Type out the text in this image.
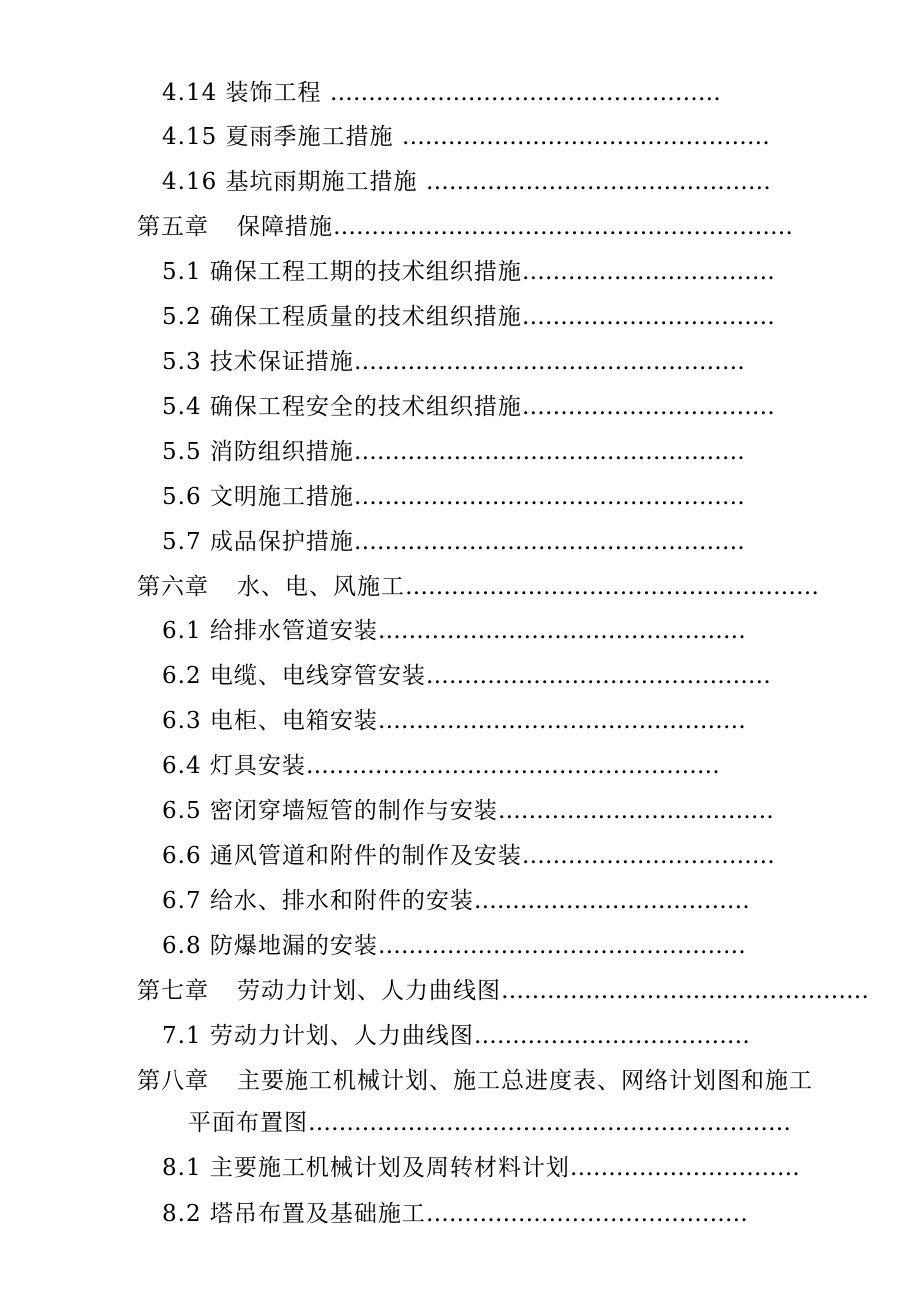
4.14 装饰工程 ……………………………………………
4.15 夏雨季施工措施 …………………………………………
4.16 基坑雨期施工措施 ………………………………………
第五章 保障措施……………………………………………………
5.1 确保工程工期的技术组织措施……………………………
5.2 确保工程质量的技术组织措施……………………………
5.3 技术保证措施……………………………………………
5.4 确保工程安全的技术组织措施……………………………
5.5 消防组织措施……………………………………………
5.6 文明施工措施……………………………………………
5.7 成品保护措施……………………………………………
第六章 水、电、风施工………………………………………………
6.1 给排水管道安装…………………………………………
6.2 电缆、电线穿管安装………………………………………
6.3 电柜、电箱安装…………………………………………
6.4 灯具安装………………………………………………
6.5 密闭穿墙短管的制作与安装………………………………
6.6 通风管道和附件的制作及安装……………………………
6.7 给水、排水和附件的安装………………………………
6.8 防爆地漏的安装…………………………………………
第七章 劳动力计划、人力曲线图…………………………………………
7.1 劳动力计划、人力曲线图………………………………
第八章 主要施工机械计划、施工总进度表、网络计划图和施工
平面布置图………………………………………………………
8.1 主要施工机械计划及周转材料计划…………………………
8.2 塔吊布置及基础施工……………………………………
